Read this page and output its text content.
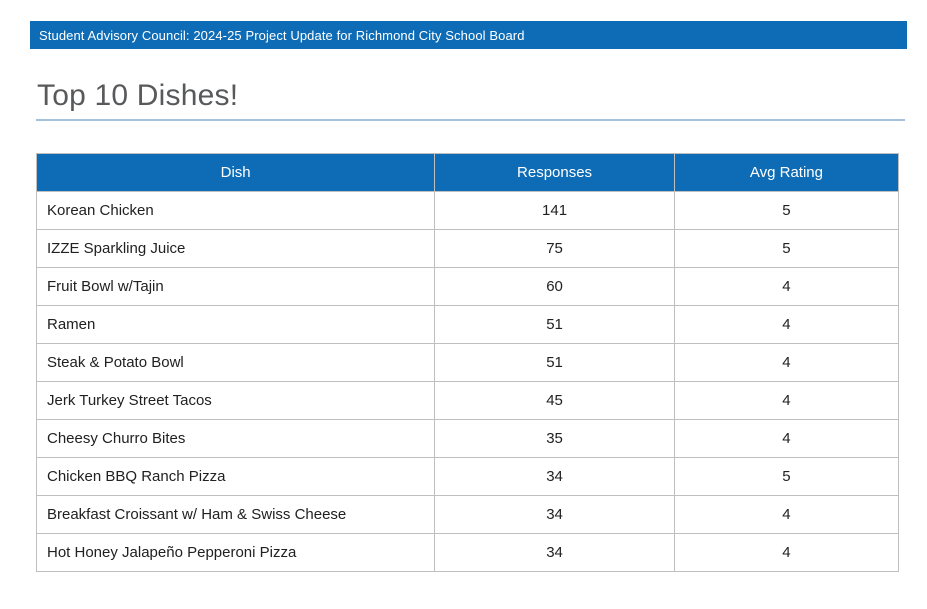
Student Advisory Council: 2024-25 Project Update for Richmond City School Board
Top 10 Dishes!
Dish	Responses	Avg Rating
Korean Chicken	141	5
IZZE Sparkling Juice	75	5
Fruit Bowl w/Tajin	60	4
Ramen	51	4
Steak & Potato Bowl	51	4
Jerk Turkey Street Tacos	45	4
Cheesy Churro Bites	35	4
Chicken BBQ Ranch Pizza	34	5
Breakfast Croissant w/ Ham & Swiss Cheese	34	4
Hot Honey Jalapeño Pepperoni Pizza	34	4
